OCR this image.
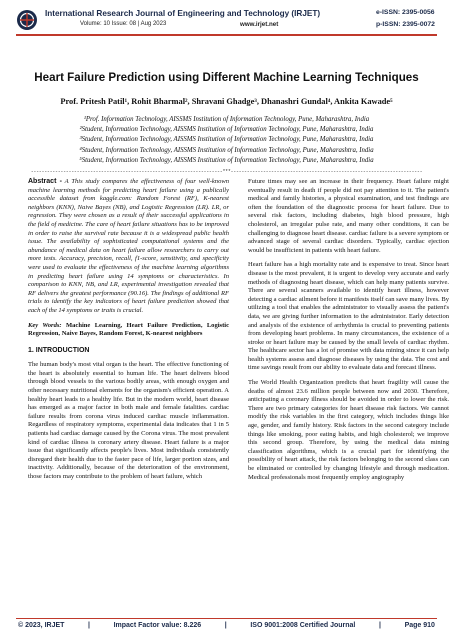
International Research Journal of Engineering and Technology (IRJET)
Volume: 10 Issue: 08 | Aug 2023	www.irjet.net
e-ISSN: 2395-0056
p-ISSN: 2395-0072
Heart Failure Prediction using Different Machine Learning Techniques
Prof. Pritesh Patil¹, Rohit Bharmal², Shravani Ghadge³, Dhanashri Gundal⁴, Ankita Kawade⁵
¹Prof. Information Technology, AISSMS Institution of Information Technology, Pune, Maharashtra, India
²Student, Information Technology, AISSMS Institution of Information Technology, Pune, Maharashtra, India
³Student, Information Technology, AISSMS Institution of Information Technology, Pune, Maharashtra, India
⁴Student, Information Technology, AISSMS Institution of Information Technology, Pune, Maharashtra, India
⁵Student, Information Technology, AISSMS Institution of Information Technology, Pune, Maharashtra, India
-----------------------------------------------------------------------***-----------------------------------------------------------------------

Abstract - A This study compares the effectiveness of four well-known machine learning methods for predicting heart failure using a publically accessible dataset from kaggle.com: Random Forest (RF), K-nearest neighbors (KNN), Naive Bayes (NB), and Logistic Regression (LR). LR, or regression. They were chosen as a result of their successful applications in the field of medicine. The care of heart failure situations has to be improved in order to raise the survival rate because it is a widespread public health issue. The availability of sophisticated computational systems and the abundance of medical data on heart failure allow researchers to carry out more tests. Accuracy, precision, recall, f1-score, sensitivity, and specificity were used to evaluate the effectiveness of the machine learning algorithms in predicting heart failure using 14 symptoms or characteristics. In comparison to KNN, NB, and LR, experimental investigation revealed that RF delivers the greatest performance (90.16). The findings of additional RF trials to identify the key indicators of heart failure prediction showed that each of the 14 symptoms or traits is crucial.

Key Words: Machine Learning, Heart Failure Prediction, Logistic Regression, Naive Bayes, Random Forest, K-nearest neighbors

1. INTRODUCTION

The human body's most vital organ is the heart. The effective functioning of the heart is absolutely essential to human life. The heart delivers blood through blood vessels to the various bodily areas, with enough oxygen and other necessary nutritional elements for the organism's efficient operation. A healthy heart leads to a healthy life. But in the modern world, heart disease has emerged as a major factor in both male and female fatalities. cardiac failure results from corona virus induced cardiac muscle inflammation. Regardless of respiratory symptoms, experimental data indicates that 1 in 5 patients had cardiac damage caused by the Corona virus. The most prevalent kind of cardiac illness is coronary artery disease. Heart failure is a major issue that significantly affects people's lives. Most individuals consistently disregard their health due to the faster pace of life, larger portion sizes, and inactivity. Additionally, because of the deterioration of the environment, those factors may contribute to the problem of heart failure, which

Future times may see an increase in their frequency. Heart failure might eventually result in death if people did not pay attention to it. The patient's medical and family histories, a physical examination, and test findings are often the foundation of the diagnostic process for heart failure. Due to several risk factors, including diabetes, high blood pressure, high cholesterol, an irregular pulse rate, and many other conditions, it can be challenging to diagnose heart disease. cardiac failure is a severe symptom or advanced stage of several cardiac disorders. Typically, cardiac ejection would be insufficient in patients with heart failure.

Heart failure has a high mortality rate and is expensive to treat. Since heart disease is the most prevalent, it is urgent to develop very accurate and early methods of diagnosing heart disease, which can help many patients survive. There are several scanners available to identify heart illness, however detecting a cardiac ailment before it manifests itself can save many lives. By utilizing a tool that enables the administrator to visually assess the patient's data, we are giving further information to the administrator. Early detection and analysis of the existence of arrhythmia is crucial to preventing patients from developing heart problems. In many circumstances, the existence of a stroke or heart failure may be caused by the small levels of cardiac rhythm. The healthcare sector has a lot of promise with data mining since it can help health systems assess and diagnose diseases by using the data. The cost and time savings result from our ability to evaluate data and forecast illness.

The World Health Organization predicts that heart fragility will cause the deaths of almost 23.6 million people between now and 2030. Therefore, anticipating a coronary illness should be avoided in order to lower the risk. There are two primary categories for heart disease risk factors. We cannot modify the risk variables in the first category, which includes things like age, gender, and family history. Risk factors in the second category include things like smoking, poor eating habits, and high cholesterol; we improve this second group. Therefore, by using the medical data mining classification algorithms, which is a crucial part for identifying the possibility of heart attack, the risk factors belonging to the second class can be eliminated or controlled by changing lifestyle and through medication. Medical professionals most frequently employ angiography

© 2023, IRJET	|	Impact Factor value: 8.226	|	ISO 9001:2008 Certified Journal	|	Page 910
